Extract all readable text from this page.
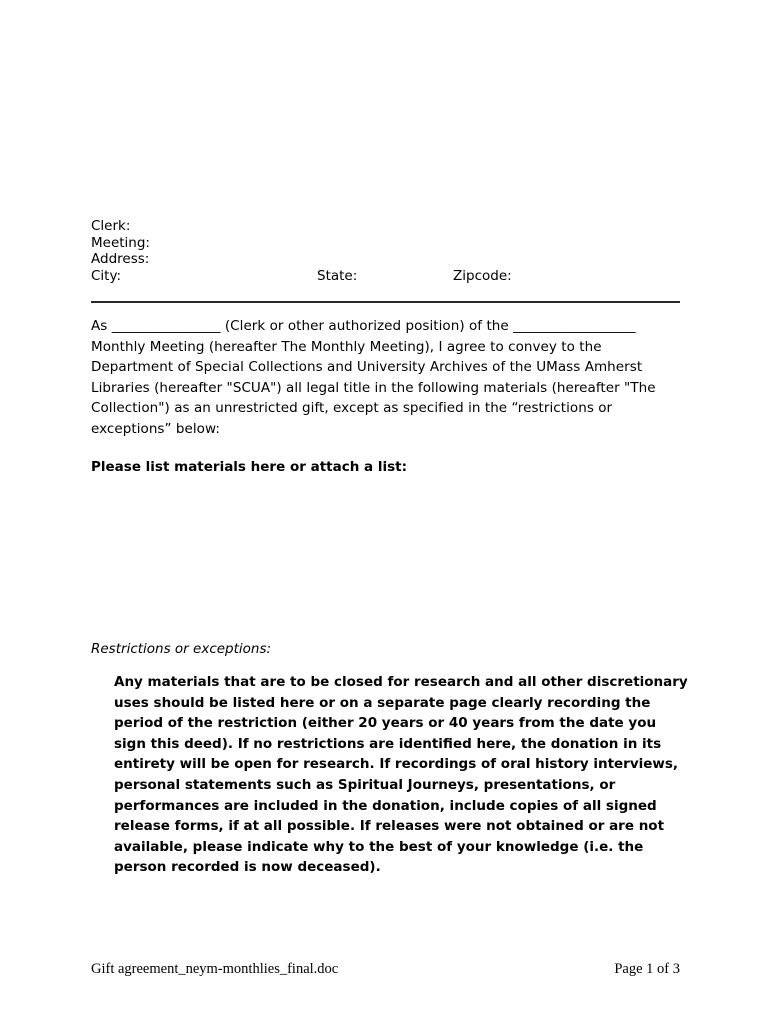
Clerk:
Meeting:
Address:
City:	State:	Zipcode:
As ________________ (Clerk or other authorized position) of the __________________ Monthly Meeting (hereafter The Monthly Meeting), I agree to convey to the Department of Special Collections and University Archives of the UMass Amherst Libraries (hereafter "SCUA") all legal title in the following materials (hereafter "The Collection") as an unrestricted gift, except as specified in the “restrictions or exceptions” below:
Please list materials here or attach a list:
Restrictions or exceptions:
Any materials that are to be closed for research and all other discretionary uses should be listed here or on a separate page clearly recording the period of the restriction (either 20 years or 40 years from the date you sign this deed). If no restrictions are identified here, the donation in its entirety will be open for research. If recordings of oral history interviews, personal statements such as Spiritual Journeys, presentations, or performances are included in the donation, include copies of all signed release forms, if at all possible. If releases were not obtained or are not available, please indicate why to the best of your knowledge (i.e. the person recorded is now deceased).
Gift agreement_neym-monthlies_final.doc	Page 1 of 3
